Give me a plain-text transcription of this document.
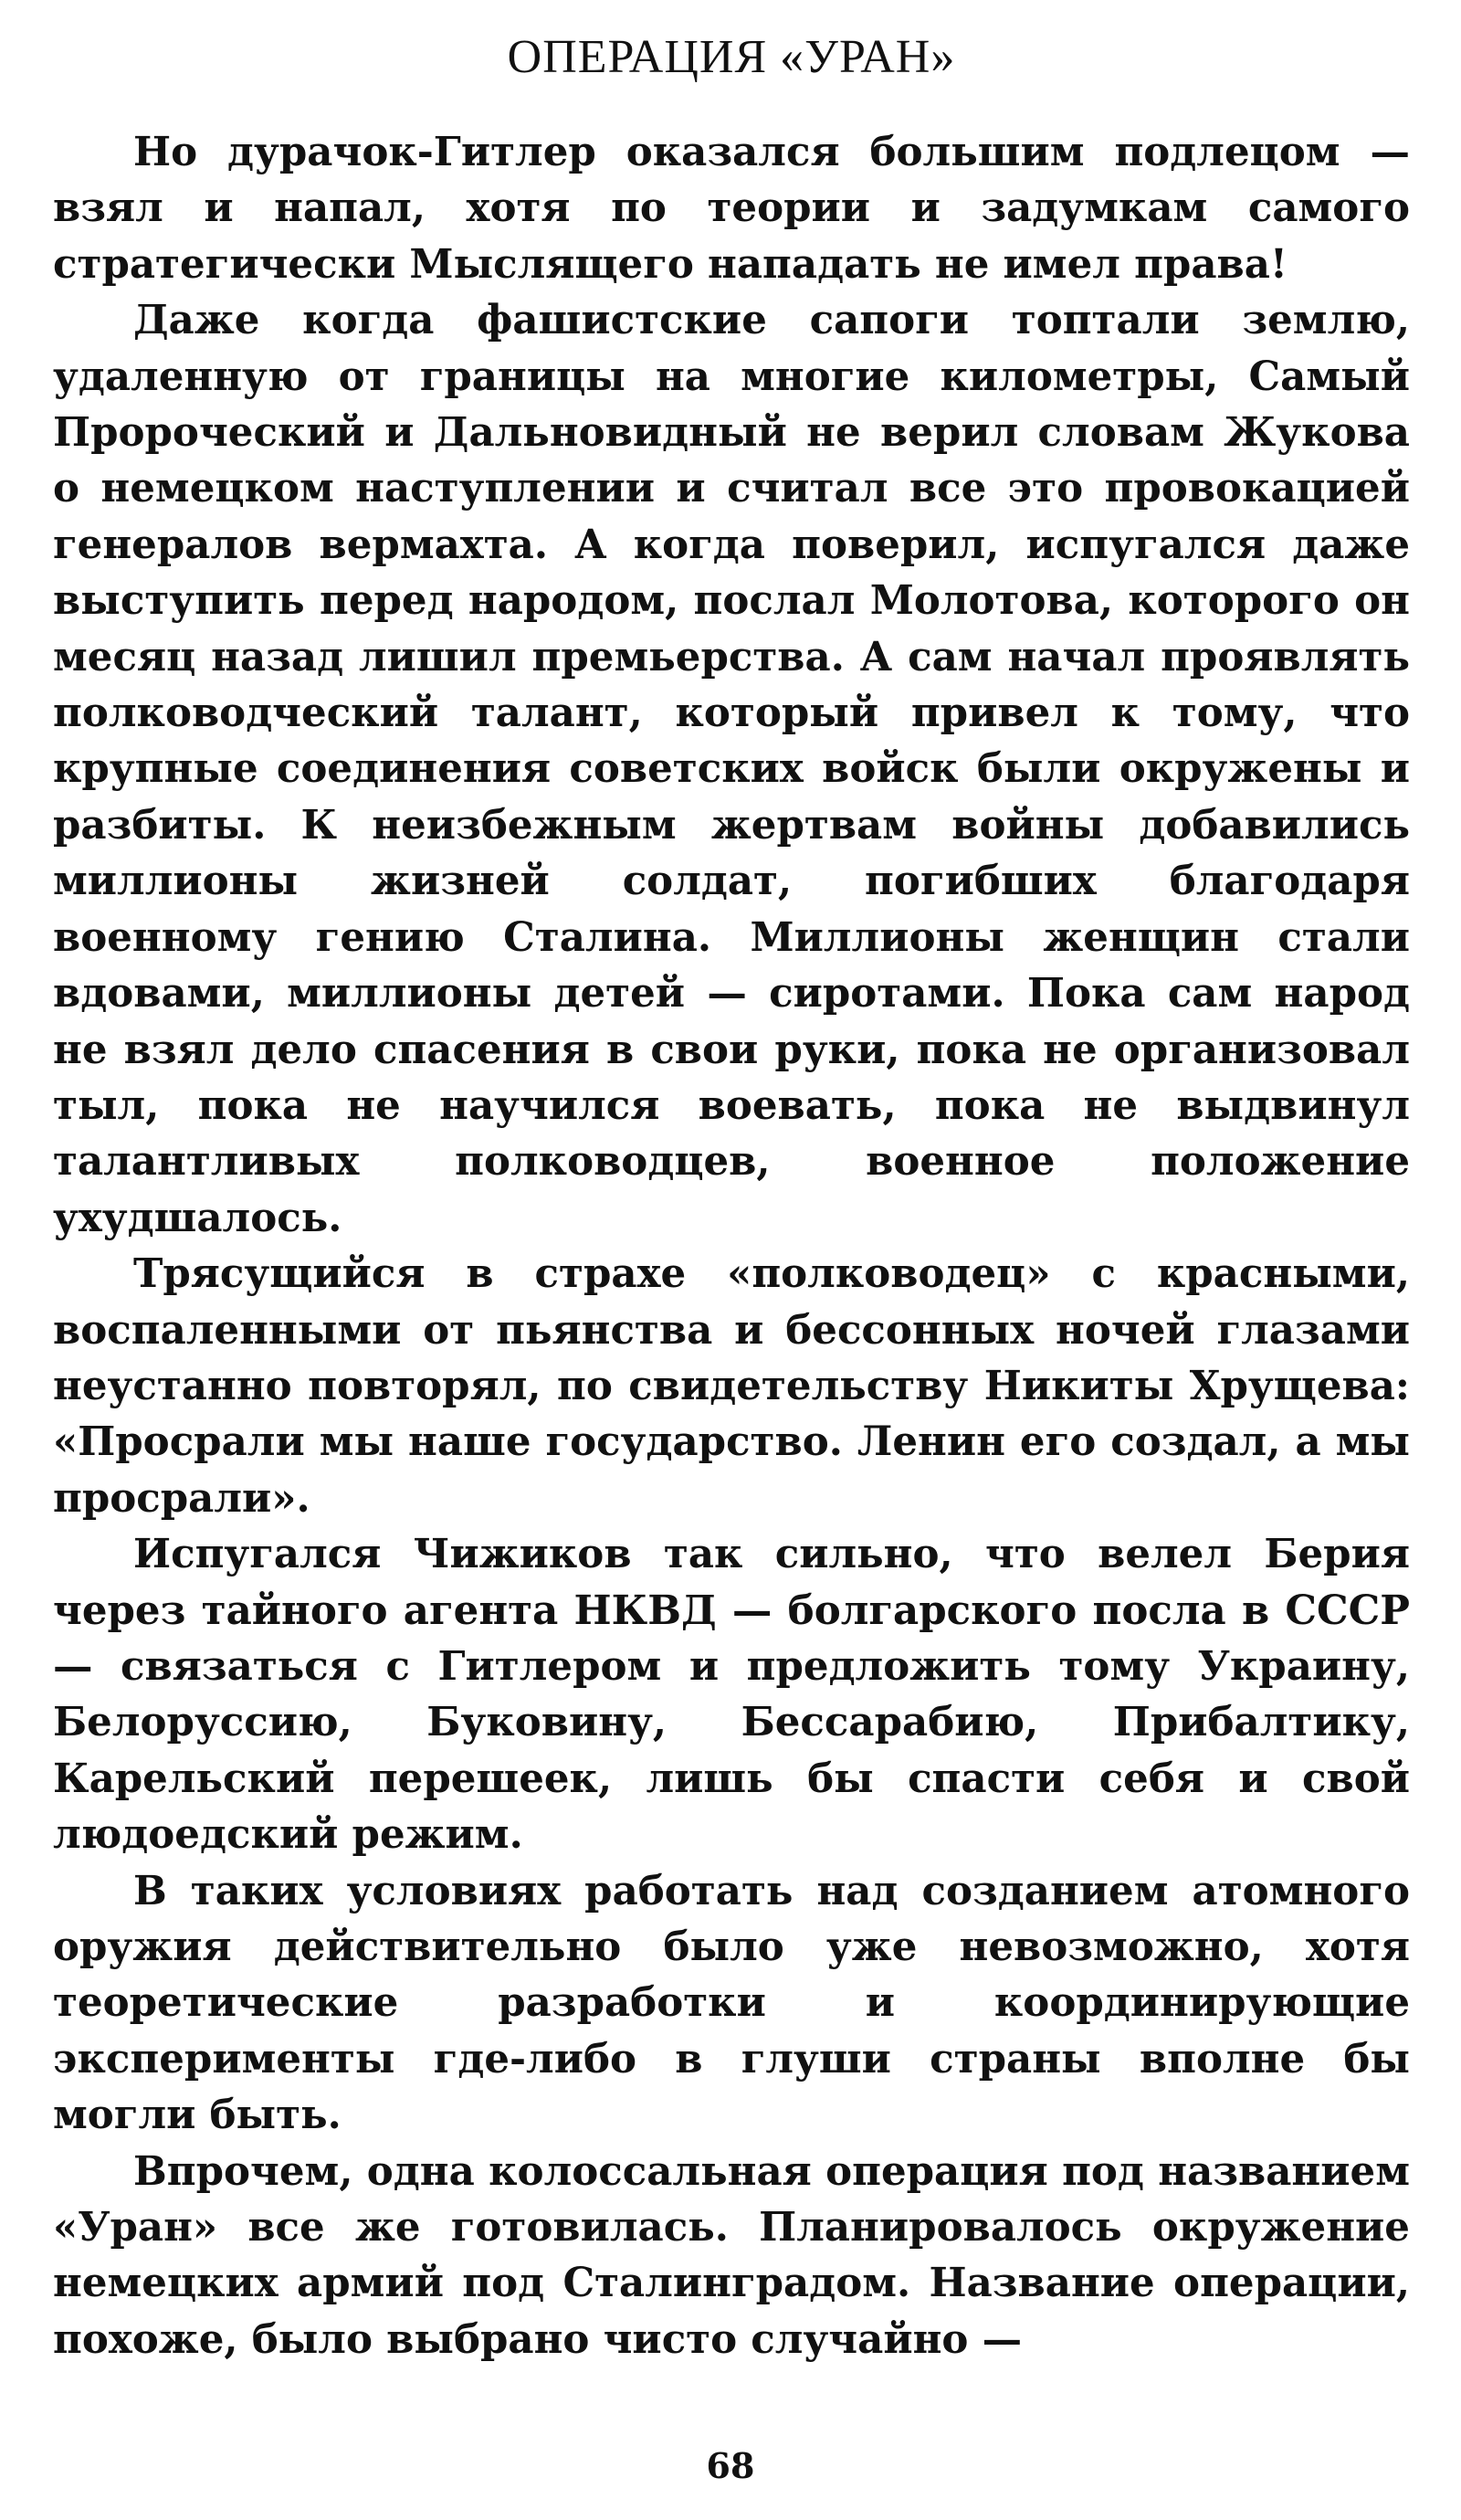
ОПЕРАЦИЯ «УРАН»

Но дурачок-Гитлер оказался большим подлецом — взял и напал, хотя по теории и задумкам самого стратегически Мыслящего нападать не имел права!

Даже когда фашистские сапоги топтали землю, удаленную от границы на многие километры, Самый Пророческий и Дальновидный не верил словам Жукова о немецком наступлении и считал все это провокацией генералов вермахта. А когда поверил, испугался даже выступить перед народом, послал Молотова, которого он месяц назад лишил премьерства. А сам начал проявлять полководческий талант, который привел к тому, что крупные соединения советских войск были окружены и разбиты. К неизбежным жертвам войны добавились миллионы жизней солдат, погибших благодаря военному гению Сталина. Миллионы женщин стали вдовами, миллионы детей — сиротами. Пока сам народ не взял дело спасения в свои руки, пока не организовал тыл, пока не научился воевать, пока не выдвинул талантливых полководцев, военное положение ухудшалось.

Трясущийся в страхе «полководец» с красными, воспаленными от пьянства и бессонных ночей глазами неустанно повторял, по свидетельству Никиты Хрущева: «Просрали мы наше государство. Ленин его создал, а мы просрали».

Испугался Чижиков так сильно, что велел Берия через тайного агента НКВД — болгарского посла в СССР — связаться с Гитлером и предложить тому Украину, Белоруссию, Буковину, Бессарабию, Прибалтику, Карельский перешеек, лишь бы спасти себя и свой людоедский режим.

В таких условиях работать над созданием атомного оружия действительно было уже невозможно, хотя теоретические разработки и координирующие эксперименты где-либо в глуши страны вполне бы могли быть.

Впрочем, одна колоссальная операция под названием «Уран» все же готовилась. Планировалось окружение немецких армий под Сталинградом. Название операции, похоже, было выбрано чисто случайно —

68
